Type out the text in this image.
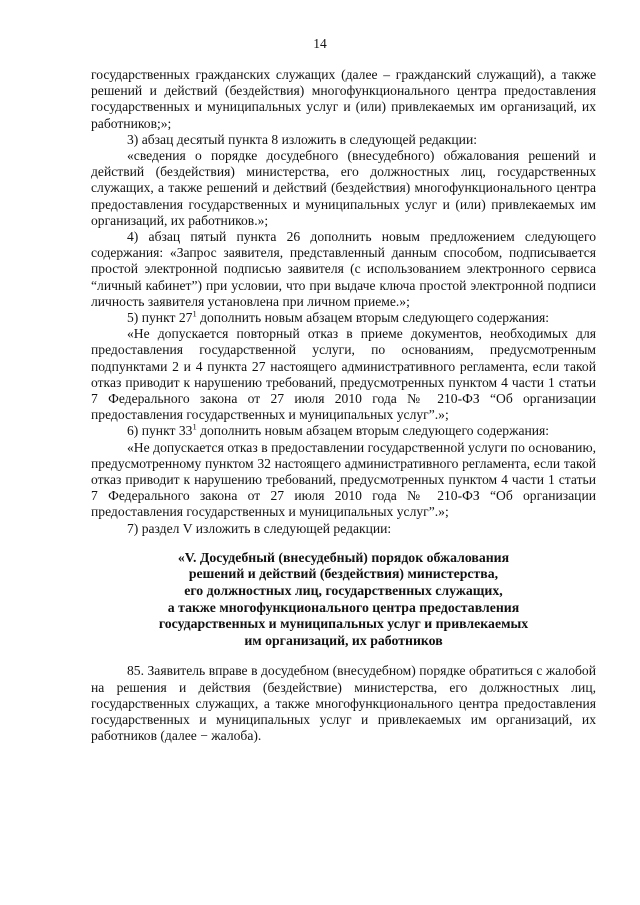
14

государственных гражданских служащих (далее – гражданский служащий), а также решений и действий (бездействия) многофункционального центра предоставления государственных и муниципальных услуг и (или) привлекаемых им организаций, их работников;»;

3) абзац десятый пункта 8 изложить в следующей редакции:

«сведения о порядке досудебного (внесудебного) обжалования решений и действий (бездействия) министерства, его должностных лиц, государственных служащих, а также решений и действий (бездействия) многофункционального центра предоставления государственных и муниципальных услуг и (или) привлекаемых им организаций, их работников.»;

4) абзац пятый пункта 26 дополнить новым предложением следующего содержания: «Запрос заявителя, представленный данным способом, подписывается простой электронной подписью заявителя (с использованием электронного сервиса “личный кабинет”) при условии, что при выдаче ключа простой электронной подписи личность заявителя установлена при личном приеме.»;

5) пункт $27^1$ дополнить новым абзацем вторым следующего содержания:

«Не допускается повторный отказ в приеме документов, необходимых для предоставления государственной услуги, по основаниям, предусмотренным подпунктами 2 и 4 пункта 27 настоящего административного регламента, если такой отказ приводит к нарушению требований, предусмотренных пунктом 4 части 1 статьи 7 Федерального закона от 27 июля 2010 года № 210-ФЗ “Об организации предоставления государственных и муниципальных услуг”.»;

6) пункт $33^1$ дополнить новым абзацем вторым следующего содержания:

«Не допускается отказ в предоставлении государственной услуги по основанию, предусмотренному пунктом 32 настоящего административного регламента, если такой отказ приводит к нарушению требований, предусмотренных пунктом 4 части 1 статьи 7 Федерального закона от 27 июля 2010 года № 210-ФЗ “Об организации предоставления государственных и муниципальных услуг”.»;

7) раздел V изложить в следующей редакции:

«V. Досудебный (внесудебный) порядок обжалования
решений и действий (бездействия) министерства,
его должностных лиц, государственных служащих,
а также многофункционального центра предоставления
государственных и муниципальных услуг и привлекаемых
им организаций, их работников

85. Заявитель вправе в досудебном (внесудебном) порядке обратиться с жалобой на решения и действия (бездействие) министерства, его должностных лиц, государственных служащих, а также многофункционального центра предоставления государственных и муниципальных услуг и привлекаемых им организаций, их работников (далее − жалоба).
